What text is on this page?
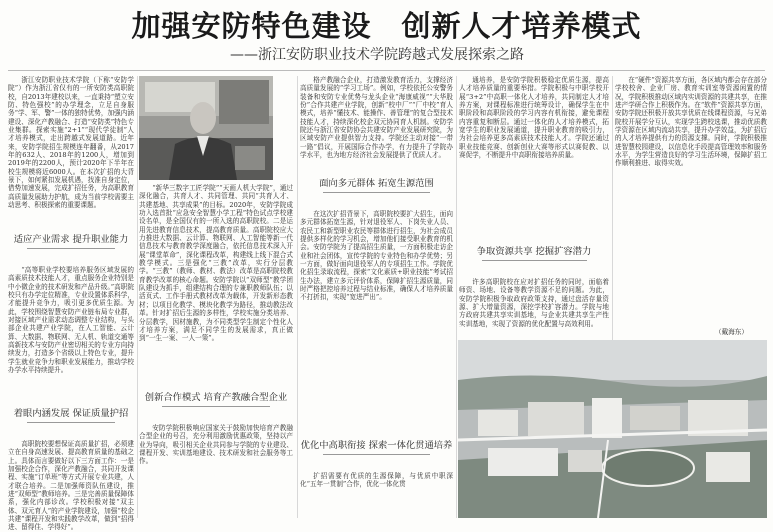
加强安防特色建设　创新人才培养模式
——浙江安防职业技术学院跨越式发展探索之路

浙江安防职业技术学院（下称“安防学院”）作为浙江省仅有的一所安防类高职院校，自2013年建校以来，一直秉持“塑立安防、特色强校”的办学理念，立足自身服务“学、军、警”一体的独特优势，加强内涵建设、深化产教融合、打造“安防类”特色专业集群。探索实施“2+1”“现代学徒制”人才培养模式，走出跨越式发展道路。近年来，安防学院招生规模连年翻番，从2017年的632人、2018年的1200人，增加到2019年的2200人，预计2020年下半年在校生规模将近6000人。在本次扩招的大背景下，如何紧扣发展机遇，找准自身定位，借势加速发展，完成扩招任务，为高职教育高质量发展助力护航，成为当前学校需要主动思考、积极探索的重要课题。

适应产业需求 提升职业能力

“高等职业学校要培养服务区域发展的高素质技术技能人才，重点服务企业特别是中小微企业的技术研发和产品升级。”高职院校只有办学定位精准，专业设置体系科学，才能提升竞争力，吸引更多优质生源。为此，学校围绕智慧安防产业链布局专业群，对接区域产业需求动态调整专业结构，与头部企业共建产业学院，在人工智能、云计算、大数据、物联网、无人机、轨道交通等高新技术与安防产业密切相关的专业方向持续发力，打造多个省级以上特色专业，提升学生就业竞争力和职业发展能力，推动学校办学水平持续提升。

着眼内涵发展 保证质量护招

高职院校要想保证高质量扩招，必须建立在自身高速发展、提高教育质量的基础之上。具体而言要做好以下三方面工作：一是加强校企合作，深化产教融合，共同开发课程、实施“订单班”等方式开展专业共建，人才联合培养。二是加强师资队伍建设，推进“双师型”教师培养。三是完善质量保障体系，强化内部诊改。学校积极对接“双主体、双元育人”的产业学院建设，加强“校企共建”课程开发和实践教学改革，做到“招得进、留得住、学得好”。

“新华三数字工匠学院”“天画人机大学院”，通过深化融合，共育人才、共同管理、共同“共育人才、共建基地、共享成果”的目标。2020年，安防学院成功入选首批“应急安全智慧小学工程”特色试点学校建设名单，是全国仅有的一所入选的高职院校。二是运用先进教育信息技术，提高教育质量。高职院校应大力推进大数据、云计算、物联网、人工智能等新一代信息技术与教育教学深度融合，依托信息技术深入开展“课堂革命”，深化课程改革，构建线上线下混合式教学模式。三是强化“三教”改革，实行分层教学。“三教”（教师、教材、教法）改革是高职院校教育教学改革的核心命题。安防学院以“双师型”教学团队建设为抓手，组建结构合理的专兼职教师队伍；以活页式、工作手册式教材改革为载体，开发新形态教材；以项目化教学、模块化教学为路径，推动教法改革。针对扩招后生源的多样性，学校实施分类培养、分层教学，因材施教，为不同类型学生制定个性化人才培养方案，满足不同学生的发展需求，真正做到“一生一案、一人一策”。

创新合作模式 培育产教融合型企业

安防学院积极响应国家关于鼓励加快培育产教融合型企业的号召，充分利用激励优惠政策，坚持以产业为导向，吸引相关企业共同参与学院的专业建设、课程开发、实训基地建设、技术研发和社会服务等工作。

格产教融合企业，打造激发教育活力，支撑经济高质量发展的“学习工场”。例如，学校依托公安警务装备和安防专业优势与龙头企业“海康威视”“大华股份”合作共建产业学院，创新“校中厂”“厂中校”育人模式，培养“懂技术、能操作、善管理”的复合型技术技能人才，持续深化校企双元协同育人机制。安防学院还与浙江省安防协会共建安防产业发展研究院，为区域安防产业提供智力支持。学院还主动对接“一带一路”倡议，开展国际合作办学，有力提升了学院办学水平，也为地方经济社会发展提供了优质人才。

面向多元群体 拓宽生源范围

在这次扩招背景下，高职院校要扩大招生，面向多元群体拓宽生源，针对退役军人、下岗失业人员、农民工和新型职业农民等群体进行招生，为社会成员提供多样化的学习机会，增加他们接受职业教育的机会。安防学院为了提高招生质量，一方面积极走访企业和社会团体，宣传学院的专业特色和办学优势；另一方面，做好面向退役军人的专项招生工作。学院优化招生录取流程，探索“文化素质+职业技能”考试招生办法，建立多元评价体系，保障扩招生源质量，同时严格把控培养过程与结业标准，确保人才培养质量不打折扣，实现“宽进严出”。

优化中高职衔接 探索一体化贯通培养

扩招需要有优质的生源保障，与优质中职深化“五年一贯制”合作，优化一体化贯

通培养，是安防学院积极稳定优质生源，提高人才培养质量的重要举措。学院积极与中职学校开展“3+2”中高职一体化人才培养，共同制定人才培养方案，对课程标准进行统筹设计，确保学生在中职阶段和高职阶段的学习内容有机衔接，避免课程内容重复和断层。通过一体化的人才培养模式，拓宽学生的职业发展通道，提升职业教育的吸引力，为社会培养更多高素质技术技能人才。学院还通过职业技能竞赛、创新创业大赛等形式以赛促教、以赛促学，不断提升中高职衔接培养质量。

争取资源共享 挖掘扩容潜力

许多高职院校在应对扩招任务的同时，面临着师资、场地、设备等教学资源不足的问题。为此，安防学院积极争取政府政策支持，通过盘活存量资源、扩大增量资源，深挖学校扩容潜力。学院与地方政府共建共享实训基地，与企业共建共享生产性实训基地，实现了资源的优化配置与高效利用。

在“硬件”资源共享方面，各区域内都会存在部分学校校舍、企业厂房、教育实训室等资源闲置的情况，学院积极推动区域内实训资源的共建共享，在推进产学研合作上积极作为。在“软件”资源共享方面，安防学院还积极开放共享优质在线课程资源，与兄弟院校开展学分互认，实现学生跨校选课，推动优质教学资源在区域内流动共享，提升办学效益，为扩招后的人才培养提供有力的资源支撑。同时，学院积极推进智慧校园建设，以信息化手段提高管理效率和服务水平，为学生营造良好的学习生活环境，保障扩招工作顺利推进、取得实效。

（戴海东）
